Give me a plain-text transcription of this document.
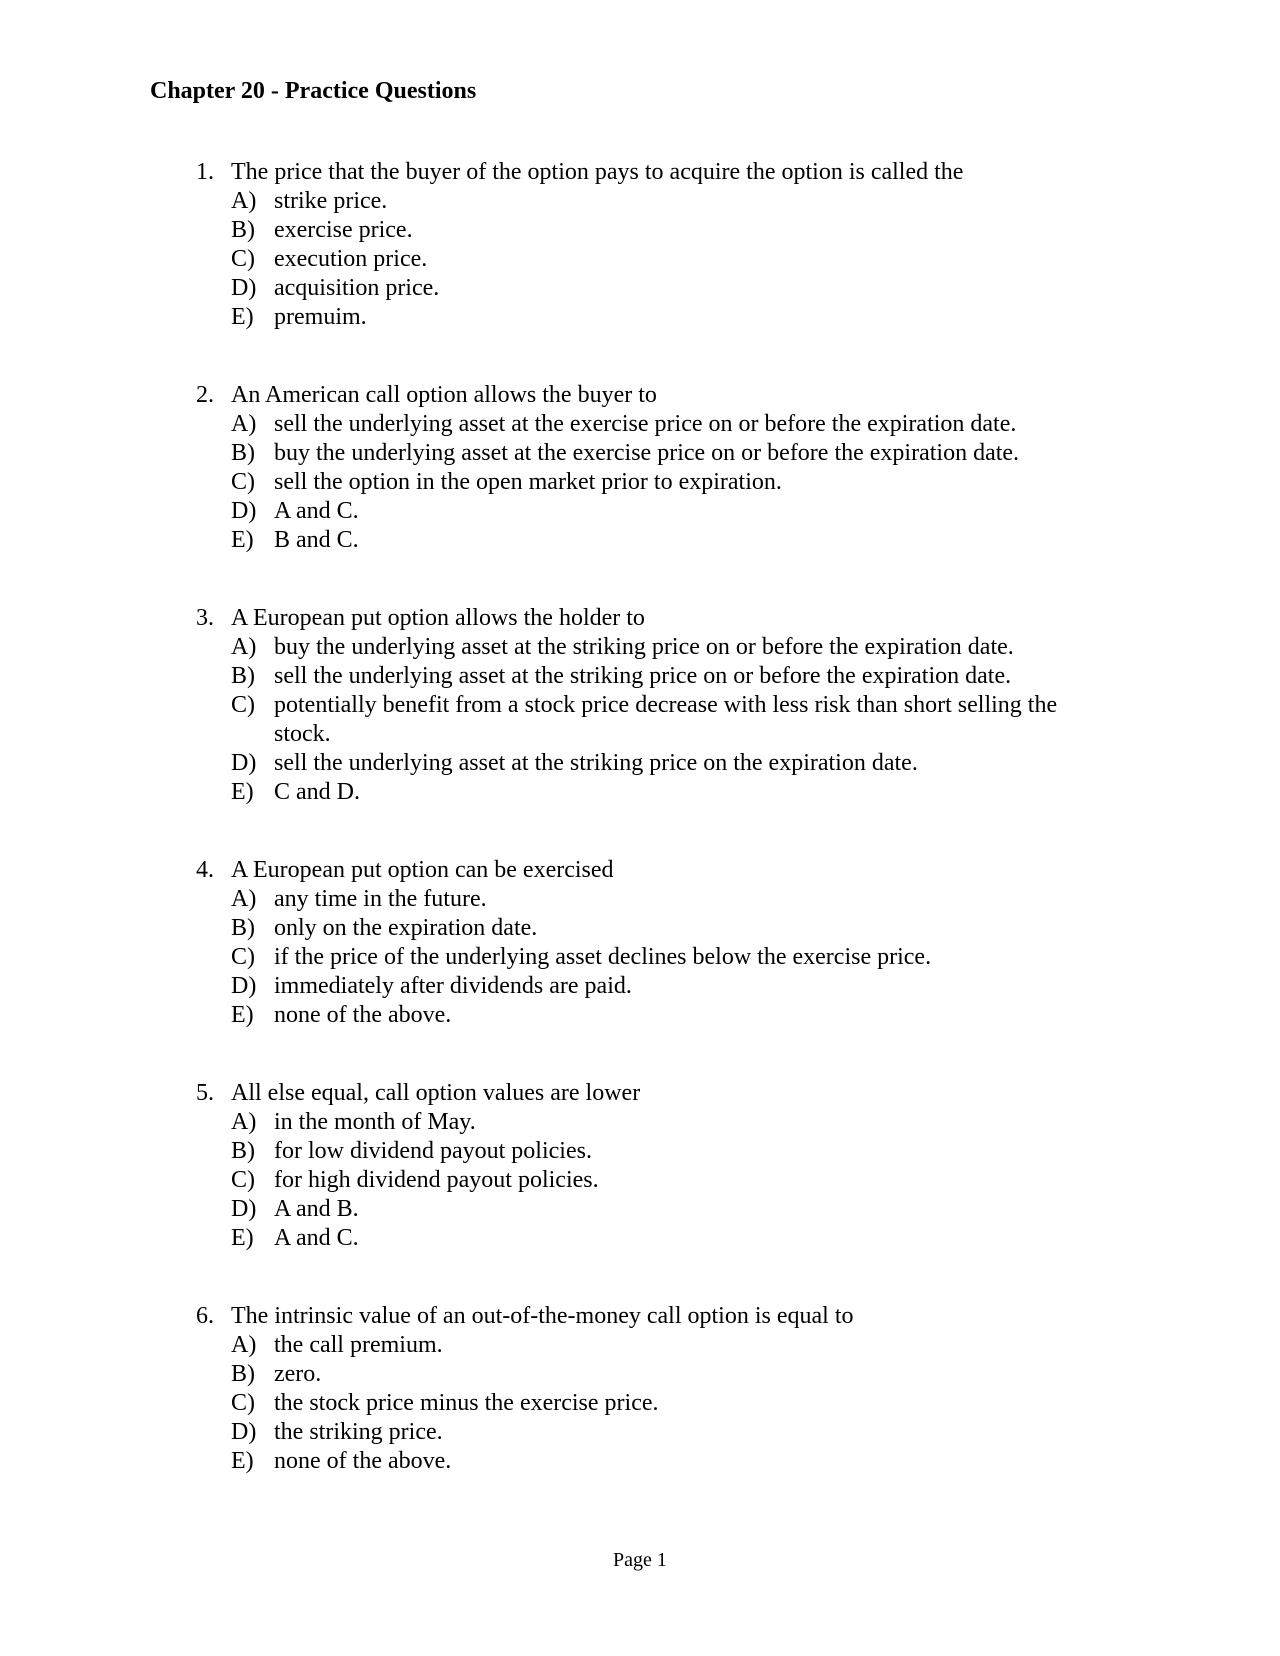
Chapter 20 - Practice Questions
1. The price that the buyer of the option pays to acquire the option is called the
A) strike price.
B) exercise price.
C) execution price.
D) acquisition price.
E) premuim.
2. An American call option allows the buyer to
A) sell the underlying asset at the exercise price on or before the expiration date.
B) buy the underlying asset at the exercise price on or before the expiration date.
C) sell the option in the open market prior to expiration.
D) A and C.
E) B and C.
3. A European put option allows the holder to
A) buy the underlying asset at the striking price on or before the expiration date.
B) sell the underlying asset at the striking price on or before the expiration date.
C) potentially benefit from a stock price decrease with less risk than short selling the stock.
D) sell the underlying asset at the striking price on the expiration date.
E) C and D.
4. A European put option can be exercised
A) any time in the future.
B) only on the expiration date.
C) if the price of the underlying asset declines below the exercise price.
D) immediately after dividends are paid.
E) none of the above.
5. All else equal, call option values are lower
A) in the month of May.
B) for low dividend payout policies.
C) for high dividend payout policies.
D) A and B.
E) A and C.
6. The intrinsic value of an out-of-the-money call option is equal to
A) the call premium.
B) zero.
C) the stock price minus the exercise price.
D) the striking price.
E) none of the above.
Page 1
